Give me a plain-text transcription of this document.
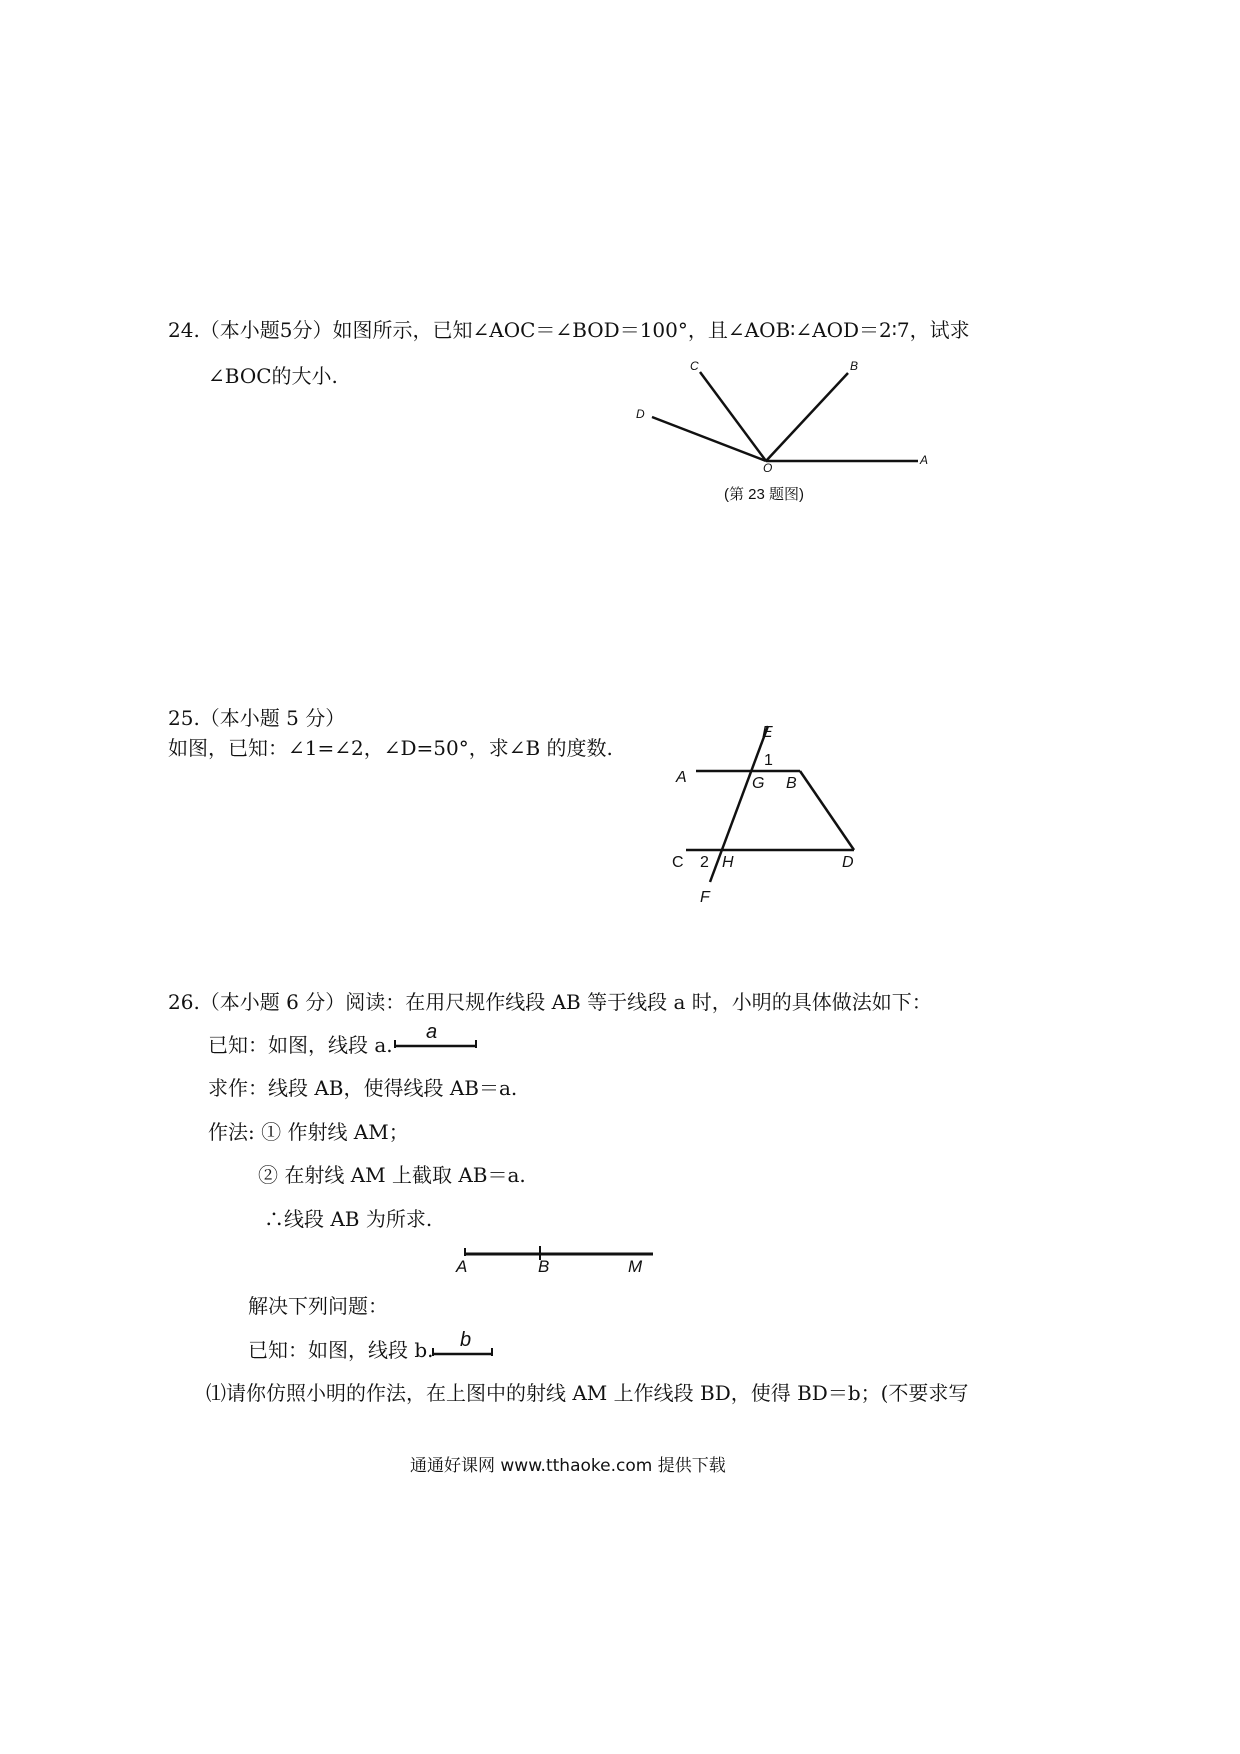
24.（本小题5分）如图所示，已知∠AOC＝∠BOD＝100°，且∠AOB∶∠AOD＝2∶7，试求
∠BOC的大小.	C	B
D
O
A
(第 23 题图)
25.（本小题 5 分）
如图，已知：∠1=∠2，∠D=50°，求∠B 的度数.
E
1
A	G B
C 2 H	D
F
26.（本小题 6 分）阅读：在用尺规作线段 AB 等于线段 a 时，小明的具体做法如下：
已知：如图，线段 a.
a
求作：线段 AB，使得线段 AB＝a.
作法: ① 作射线 AM；
② 在射线 AM 上截取 AB＝a.
∴线段 AB 为所求.
A	B	M
解决下列问题：
已知：如图，线段 b. b
⑴请你仿照小明的作法，在上图中的射线 AM 上作线段 BD，使得 BD＝b；(不要求写
通通好课网 www.tthaoke.com 提供下载
